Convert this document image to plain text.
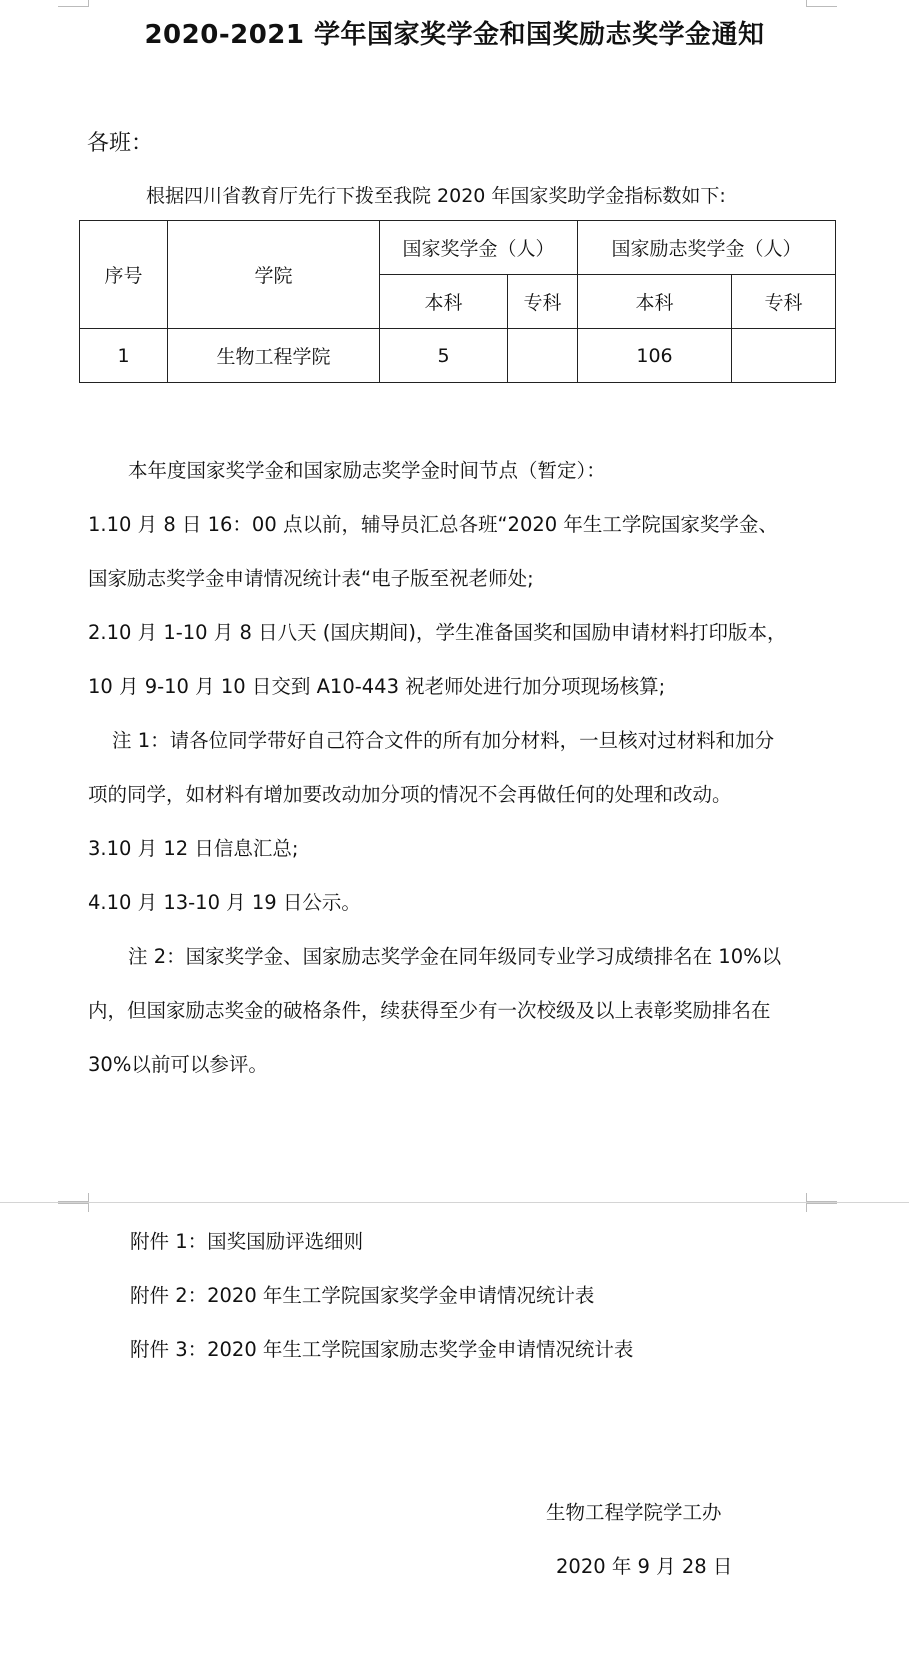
2020-2021 学年国家奖学金和国奖励志奖学金通知
各班：
根据四川省教育厅先行下拨至我院 2020 年国家奖助学金指标数如下:
序号	学院	国家奖学金（人）		国家励志奖学金（人）	
		本科	专科	本科	专科
1	生物工程学院	5		106	
本年度国家奖学金和国家励志奖学金时间节点（暂定）：
1.10 月 8 日 16：00 点以前，辅导员汇总各班“2020 年生工学院国家奖学金、
国家励志奖学金申请情况统计表“电子版至祝老师处;
2.10 月 1-10 月 8 日八天 (国庆期间)，学生准备国奖和国励申请材料打印版本，
10 月 9-10 月 10 日交到 A10-443 祝老师处进行加分项现场核算;
注 1：请各位同学带好自己符合文件的所有加分材料，一旦核对过材料和加分
项的同学，如材料有增加要改动加分项的情况不会再做任何的处理和改动。
3.10 月 12 日信息汇总;
4.10 月 13-10 月 19 日公示。
注 2：国家奖学金、国家励志奖学金在同年级同专业学习成绩排名在 10%以
内，但国家励志奖金的破格条件，续获得至少有一次校级及以上表彰奖励排名在
30%以前可以参评。
附件 1：国奖国励评选细则
附件 2：2020 年生工学院国家奖学金申请情况统计表
附件 3：2020 年生工学院国家励志奖学金申请情况统计表
生物工程学院学工办
2020 年 9 月 28 日
